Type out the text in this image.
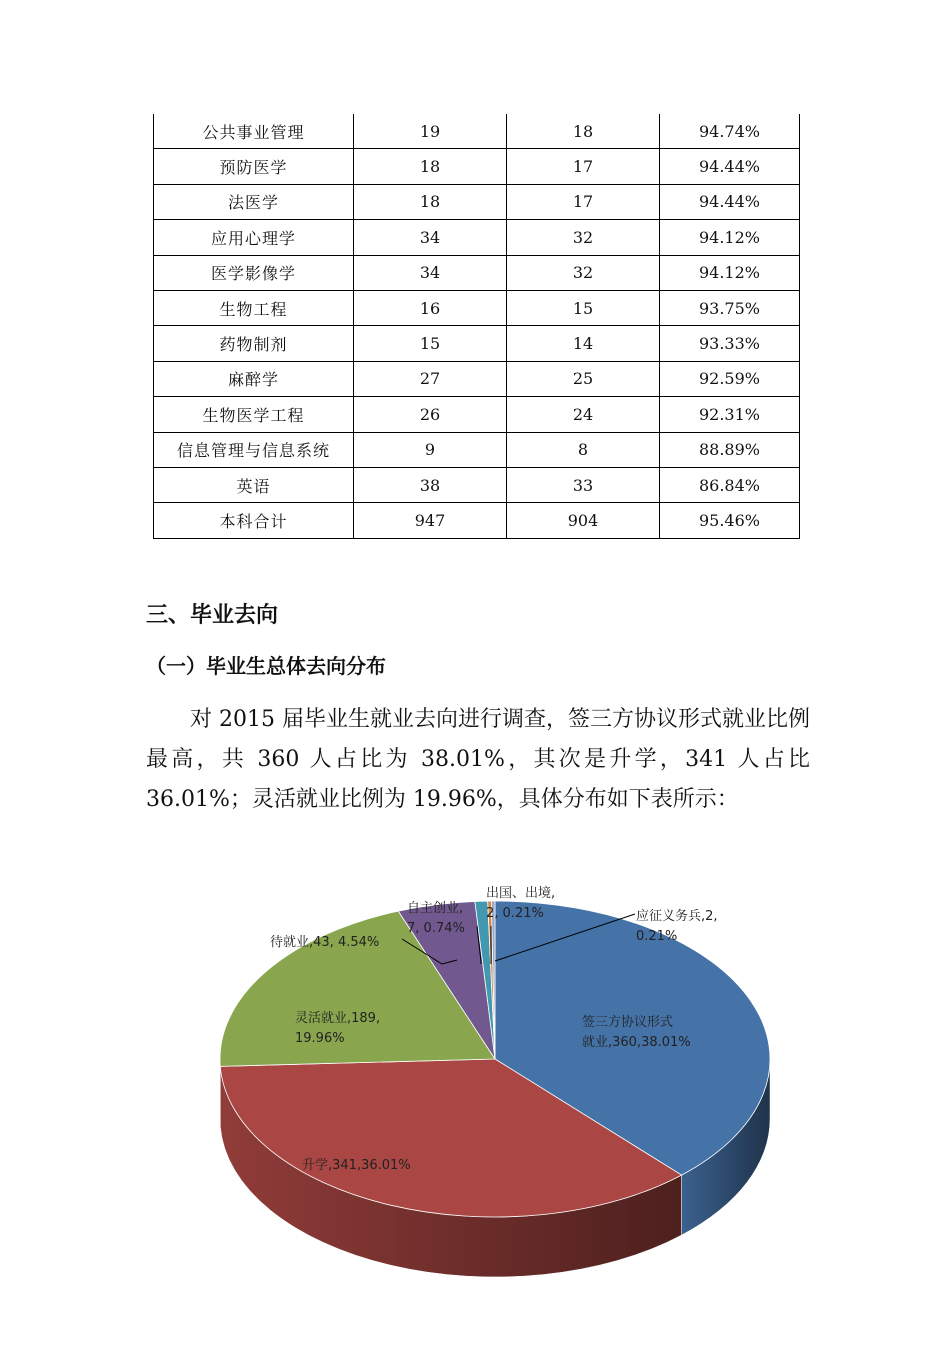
公共事业管理	19	18	94.74%
预防医学	18	17	94.44%
法医学	18	17	94.44%
应用心理学	34	32	94.12%
医学影像学	34	32	94.12%
生物工程	16	15	93.75%
药物制剂	15	14	93.33%
麻醉学	27	25	92.59%
生物医学工程	26	24	92.31%
信息管理与信息系统	9	8	88.89%
英语	38	33	86.84%
本科合计	947	904	95.46%
三、毕业去向
（一）毕业生总体去向分布

对 2015 届毕业生就业去向进行调查，签三方协议形式就业比例最高，共 360 人占比为 38.01%，其次是升学，341 人占比 36.01%；灵活就业比例为 19.96%，具体分布如下表所示：

签三方协议形式
就业,360,38.01%
升学,341,36.01%
灵活就业,189,
19.96%
待就业,43, 4.54%
自主创业,
7, 0.74%
出国、出境,
2, 0.21%	应征义务兵,2,
0.21%
